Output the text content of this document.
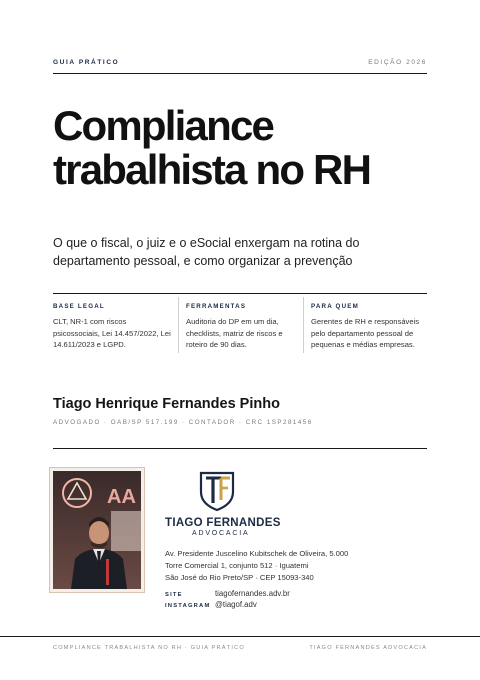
GUIA PRÁTICO	EDIÇÃO 2026
Compliance
trabalhista no RH
O que o fiscal, o juiz e o eSocial enxergam na rotina do departamento pessoal, e como organizar a prevenção
BASE LEGAL
CLT, NR-1 com riscos psicossociais, Lei 14.457/2022, Lei 14.611/2023 e LGPD.
FERRAMENTAS
Auditoria do DP em um dia, checklists, matriz de riscos e roteiro de 90 dias.
PARA QUEM
Gerentes de RH e responsáveis pelo departamento pessoal de pequenas e médias empresas.
Tiago Henrique Fernandes Pinho
ADVOGADO · OAB/SP 517.199 · CONTADOR · CRC 1SP281456
AA
TIAGO FERNANDES
ADVOCACIA
Av. Presidente Juscelino Kubitschek de Oliveira, 5.000
Torre Comercial 1, conjunto 512 · Iguatemi
São José do Rio Preto/SP · CEP 15093-340
SITE	tiagofernandes.adv.br
INSTAGRAM @tiagof.adv
COMPLIANCE TRABALHISTA NO RH · GUIA PRÁTICO	TIAGO FERNANDES ADVOCACIA
